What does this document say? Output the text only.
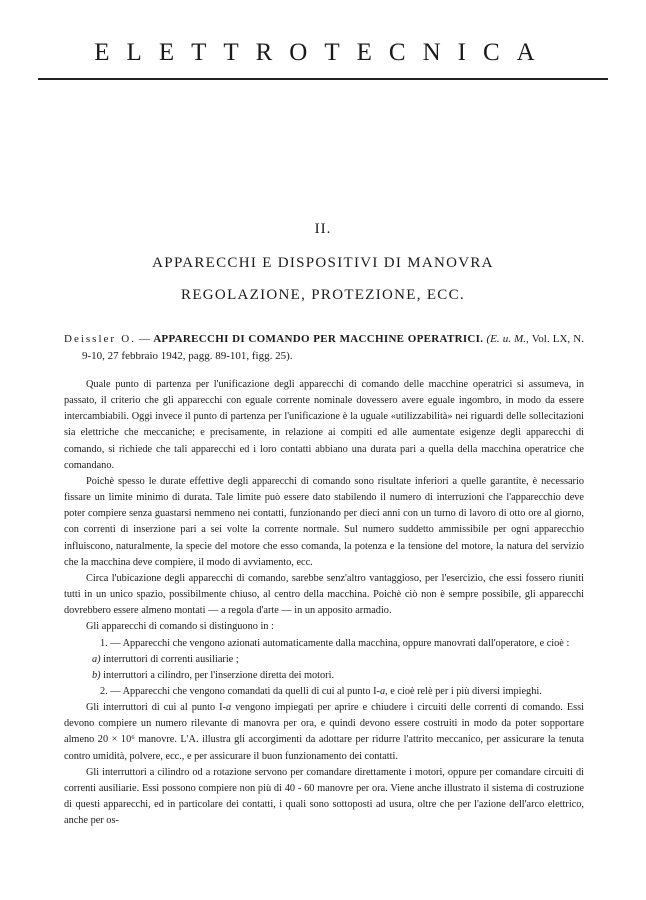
ELETTROTECNICA
II.
APPARECCHI E DISPOSITIVI DI MANOVRA
REGOLAZIONE, PROTEZIONE, ECC.

Deissler O. — APPARECCHI DI COMANDO PER MACCHINE OPERATRICI. (E. u. M., Vol. LX, N. 9-10, 27 febbraio 1942, pagg. 89-101, figg. 25).

Quale punto di partenza per l'unificazione degli apparecchi di comando delle macchine operatrici si assumeva, in passato, il criterio che gli apparecchi con eguale corrente nominale dovessero avere eguale ingombro, in modo da essere intercambiabili. Oggi invece il punto di partenza per l'unificazione è la uguale «utilizzabilità» nei riguardi delle sollecitazioni sia elettriche che meccaniche; e precisamente, in relazione ai compiti ed alle aumentate esigenze degli apparecchi di comando, si richiede che tali apparecchi ed i loro contatti abbiano una durata pari a quella della macchina operatrice che comandano.

Poichè spesso le durate effettive degli apparecchi di comando sono risultate inferiori a quelle garantite, è necessario fissare un limite minimo di durata. Tale limite può essere dato stabilendo il numero di interruzioni che l'apparecchio deve poter compiere senza guastarsi nemmeno nei contatti, funzionando per dieci anni con un turno di lavoro di otto ore al giorno, con correnti di inserzione pari a sei volte la corrente normale. Sul numero suddetto ammissibile per ogni apparecchio influiscono, naturalmente, la specie del motore che esso comanda, la potenza e la tensione del motore, la natura del servizio che la macchina deve compiere, il modo di avviamento, ecc.

Circa l'ubicazione degli apparecchi di comando, sarebbe senz'altro vantaggioso, per l'esercizio, che essi fossero riuniti tutti in un unico spazio, possibilmente chiuso, al centro della macchina. Poichè ciò non è sempre possibile, gli apparecchi dovrebbero essere almeno montati — a regola d'arte — in un apposito armadio.

Gli apparecchi di comando si distinguono in :

1. — Apparecchi che vengono azionati automaticamente dalla macchina, oppure manovrati dall'operatore, e cioè :

a) interruttori di correnti ausiliarie ;

b) interruttori a cilindro, per l'inserzione diretta dei motori.

2. — Apparecchi che vengono comandati da quelli di cui al punto I-a, e cioè relè per i più diversi impieghi.

Gli interruttori di cui al punto I-a vengono impiegati per aprire e chiudere i circuiti delle correnti di comando. Essi devono compiere un numero rilevante di manovra per ora, e quindi devono essere costruiti in modo da poter sopportare almeno 20 × 10⁶ manovre. L'A. illustra gli accorgimenti da adottare per ridurre l'attrito meccanico, per assicurare la tenuta contro umidità, polvere, ecc., e per assicurare il buon funzionamento dei contatti.

Gli interruttori a cilindro od a rotazione servono per comandare direttamente i motori, oppure per comandare circuiti di correnti ausiliarie. Essi possono compiere non più di 40 - 60 manovre per ora. Viene anche illustrato il sistema di costruzione di questi apparecchi, ed in particolare dei contatti, i quali sono sottoposti ad usura, oltre che per l'azione dell'arco elettrico, anche per os-
